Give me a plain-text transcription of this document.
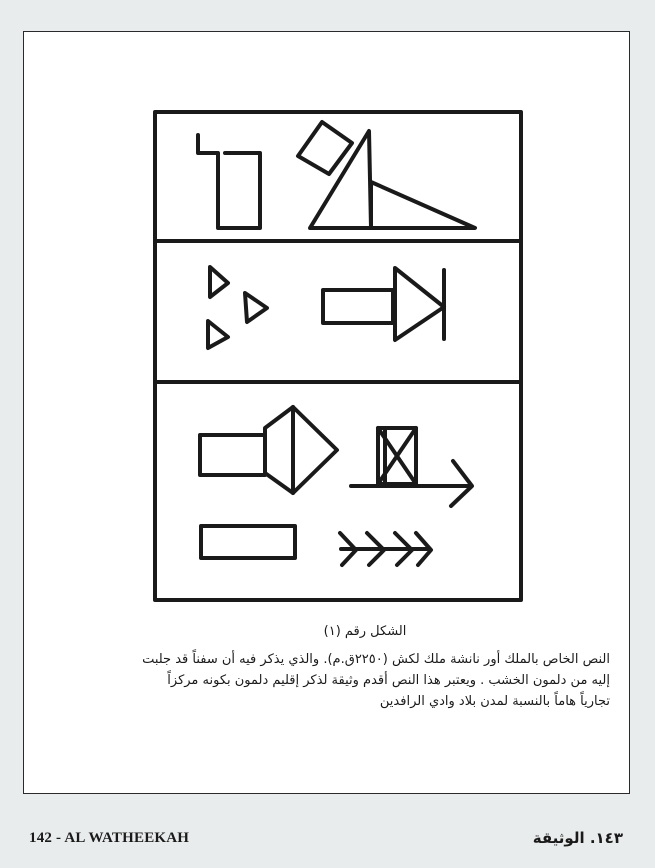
الشكل رقم (١)
النص الخاص بالملك أور نانشة ملك لكش (٢٢٥٠ق.م). والذي يذكر فيه أن سفناً قد جلبت
إليه من دلمون الخشب . ويعتبر هذا النص أقدم وثيقة لذكر إقليم دلمون بكونه مركزاً
تجارياً هاماً بالنسبة لمدن بلاد وادي الرافدين
142 - AL WATHEEKAH	١٤٣. الوثيقة
